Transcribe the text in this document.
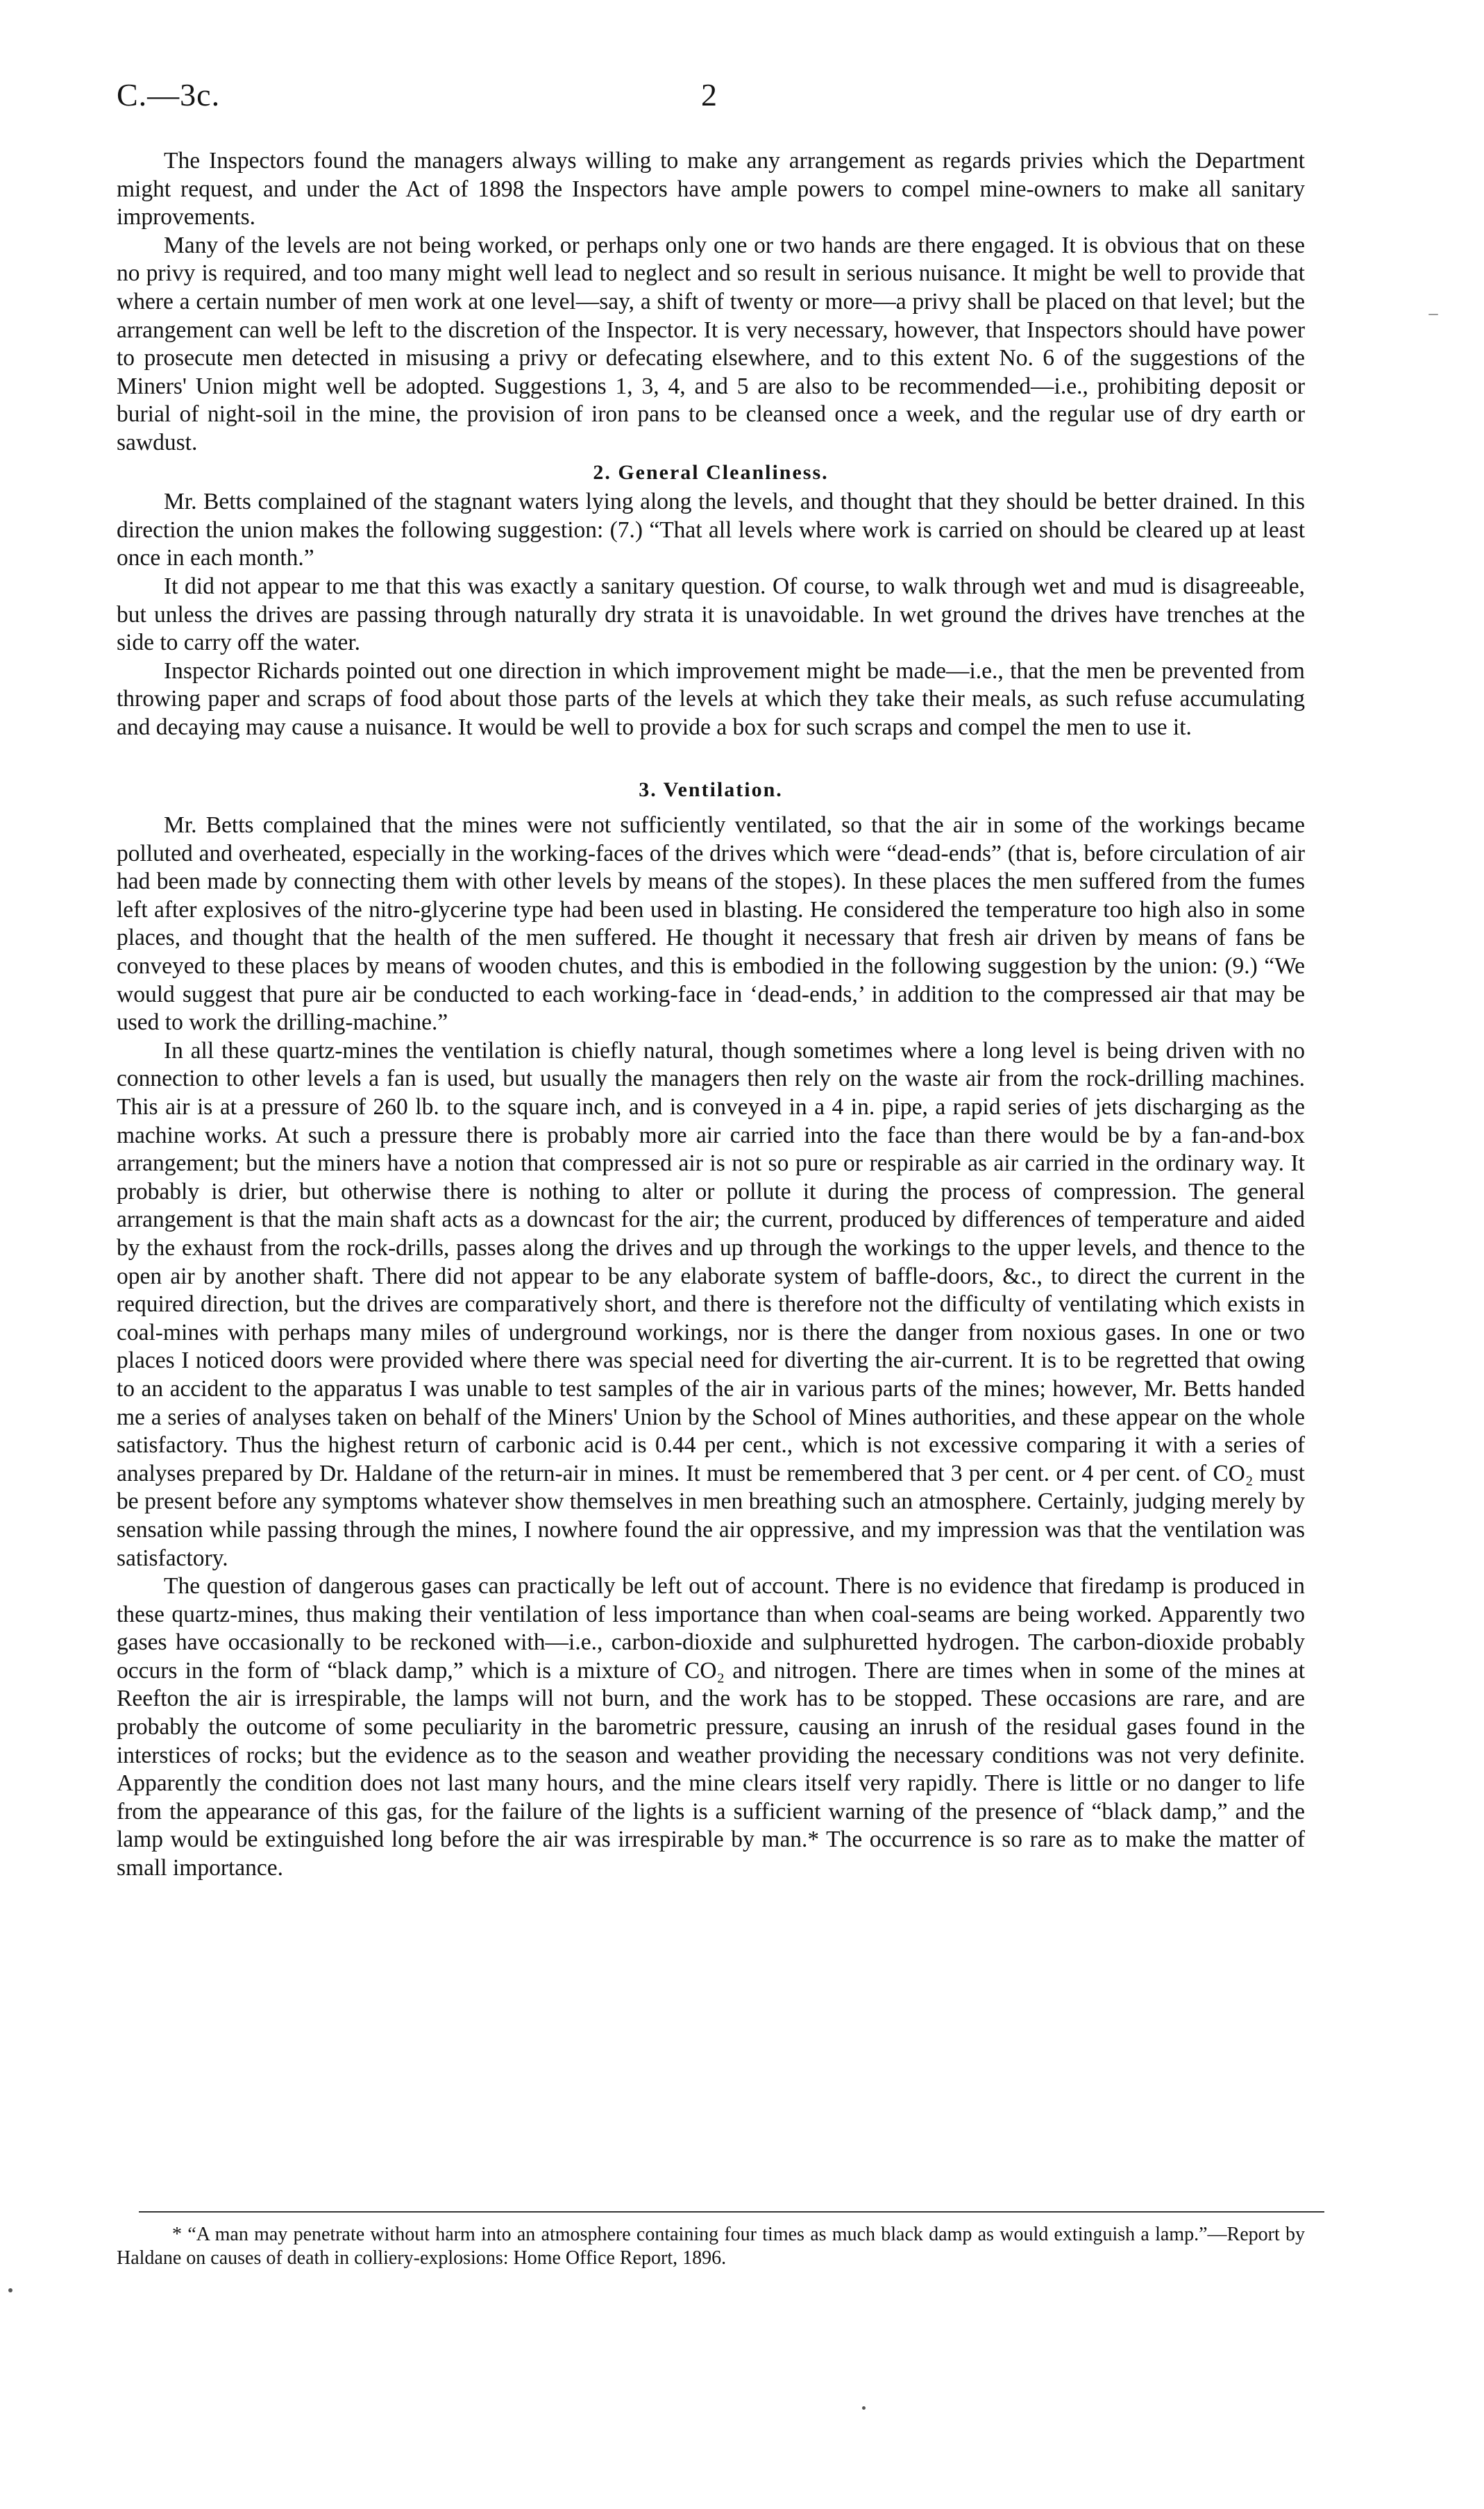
C.—3c.	2

The Inspectors found the managers always willing to make any arrangement as regards privies which the Department might request, and under the Act of 1898 the Inspectors have ample powers to compel mine-owners to make all sanitary improvements.

Many of the levels are not being worked, or perhaps only one or two hands are there engaged. It is obvious that on these no privy is required, and too many might well lead to neglect and so result in serious nuisance. It might be well to provide that where a certain number of men work at one level—say, a shift of twenty or more—a privy shall be placed on that level; but the arrangement can well be left to the discretion of the Inspector. It is very necessary, however, that Inspectors should have power to prosecute men detected in misusing a privy or defecating elsewhere, and to this extent No. 6 of the suggestions of the Miners' Union might well be adopted. Suggestions 1, 3, 4, and 5 are also to be recommended—i.e., prohibiting deposit or burial of night-soil in the mine, the provision of iron pans to be cleansed once a week, and the regular use of dry earth or sawdust.

2. General Cleanliness.

Mr. Betts complained of the stagnant waters lying along the levels, and thought that they should be better drained. In this direction the union makes the following suggestion: (7.) “That all levels where work is carried on should be cleared up at least once in each month.”

It did not appear to me that this was exactly a sanitary question. Of course, to walk through wet and mud is disagreeable, but unless the drives are passing through naturally dry strata it is unavoidable. In wet ground the drives have trenches at the side to carry off the water.

Inspector Richards pointed out one direction in which improvement might be made—i.e., that the men be prevented from throwing paper and scraps of food about those parts of the levels at which they take their meals, as such refuse accumulating and decaying may cause a nuisance. It would be well to provide a box for such scraps and compel the men to use it.

3. Ventilation.

Mr. Betts complained that the mines were not sufficiently ventilated, so that the air in some of the workings became polluted and overheated, especially in the working-faces of the drives which were “dead-ends” (that is, before circulation of air had been made by connecting them with other levels by means of the stopes). In these places the men suffered from the fumes left after explosives of the nitro-glycerine type had been used in blasting. He considered the temperature too high also in some places, and thought that the health of the men suffered. He thought it necessary that fresh air driven by means of fans be conveyed to these places by means of wooden chutes, and this is embodied in the following suggestion by the union: (9.) “We would suggest that pure air be conducted to each working-face in ‘dead-ends,’ in addition to the compressed air that may be used to work the drilling-machine.”

In all these quartz-mines the ventilation is chiefly natural, though sometimes where a long level is being driven with no connection to other levels a fan is used, but usually the managers then rely on the waste air from the rock-drilling machines. This air is at a pressure of 260 lb. to the square inch, and is conveyed in a 4 in. pipe, a rapid series of jets discharging as the machine works. At such a pressure there is probably more air carried into the face than there would be by a fan-and-box arrangement; but the miners have a notion that compressed air is not so pure or respirable as air carried in the ordinary way. It probably is drier, but otherwise there is nothing to alter or pollute it during the process of compression. The general arrangement is that the main shaft acts as a downcast for the air; the current, produced by differences of temperature and aided by the exhaust from the rock-drills, passes along the drives and up through the workings to the upper levels, and thence to the open air by another shaft. There did not appear to be any elaborate system of baffle-doors, &c., to direct the current in the required direction, but the drives are comparatively short, and there is therefore not the difficulty of ventilating which exists in coal-mines with perhaps many miles of underground workings, nor is there the danger from noxious gases. In one or two places I noticed doors were provided where there was special need for diverting the air-current. It is to be regretted that owing to an accident to the apparatus I was unable to test samples of the air in various parts of the mines; however, Mr. Betts handed me a series of analyses taken on behalf of the Miners' Union by the School of Mines authorities, and these appear on the whole satisfactory. Thus the highest return of carbonic acid is 0.44 per cent., which is not excessive comparing it with a series of analyses prepared by Dr. Haldane of the return-air in mines. It must be remembered that 3 per cent. or 4 per cent. of CO₂ must be present before any symptoms whatever show themselves in men breathing such an atmosphere. Certainly, judging merely by sensation while passing through the mines, I nowhere found the air oppressive, and my impression was that the ventilation was satisfactory.

The question of dangerous gases can practically be left out of account. There is no evidence that firedamp is produced in these quartz-mines, thus making their ventilation of less importance than when coal-seams are being worked. Apparently two gases have occasionally to be reckoned with—i.e., carbon-dioxide and sulphuretted hydrogen. The carbon-dioxide probably occurs in the form of “black damp,” which is a mixture of CO₂ and nitrogen. There are times when in some of the mines at Reefton the air is irrespirable, the lamps will not burn, and the work has to be stopped. These occasions are rare, and are probably the outcome of some peculiarity in the barometric pressure, causing an inrush of the residual gases found in the interstices of rocks; but the evidence as to the season and weather providing the necessary conditions was not very definite. Apparently the condition does not last many hours, and the mine clears itself very rapidly. There is little or no danger to life from the appearance of this gas, for the failure of the lights is a sufficient warning of the presence of “black damp,” and the lamp would be extinguished long before the air was irrespirable by man.* The occurrence is so rare as to make the matter of small importance.

* “A man may penetrate without harm into an atmosphere containing four times as much black damp as would extinguish a lamp.”—Report by Haldane on causes of death in colliery-explosions: Home Office Report, 1896.
